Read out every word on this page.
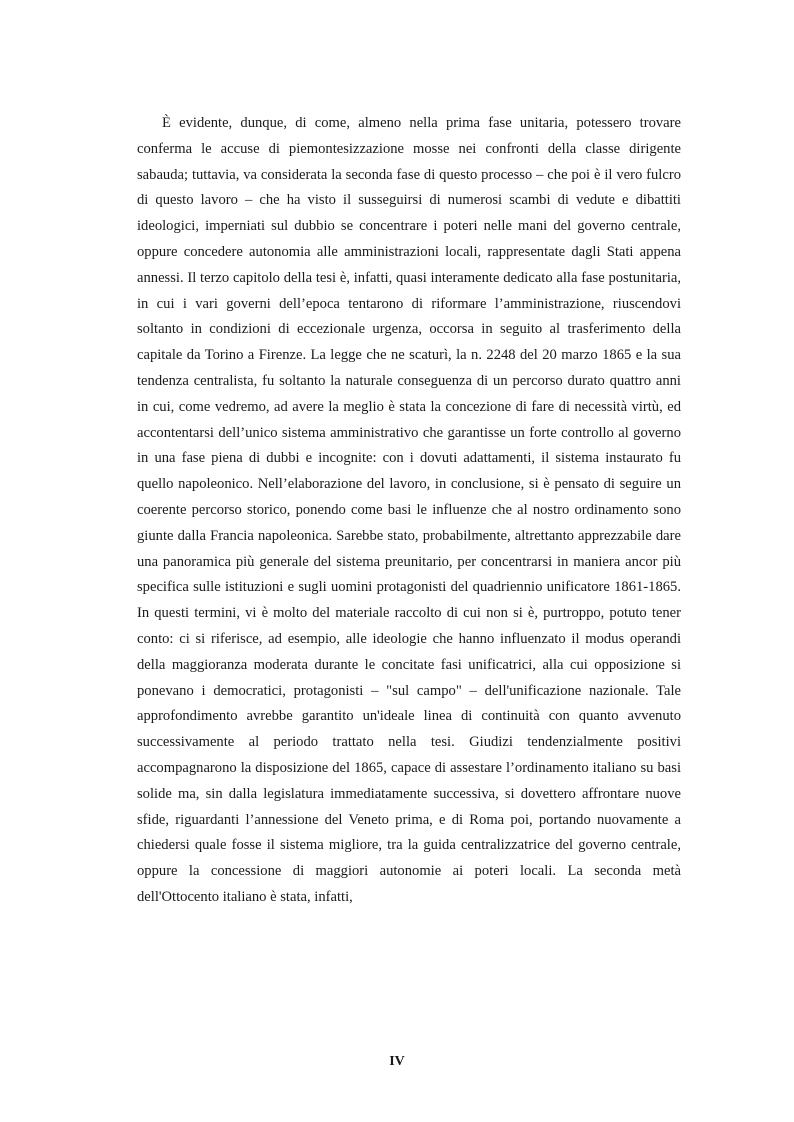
È evidente, dunque, di come, almeno nella prima fase unitaria, potessero trovare conferma le accuse di piemontesizzazione mosse nei confronti della classe dirigente sabauda; tuttavia, va considerata la seconda fase di questo processo – che poi è il vero fulcro di questo lavoro – che ha visto il susseguirsi di numerosi scambi di vedute e dibattiti ideologici, imperniati sul dubbio se concentrare i poteri nelle mani del governo centrale, oppure concedere autonomia alle amministrazioni locali, rappresentate dagli Stati appena annessi. Il terzo capitolo della tesi è, infatti, quasi interamente dedicato alla fase postunitaria, in cui i vari governi dell’epoca tentarono di riformare l’amministrazione, riuscendovi soltanto in condizioni di eccezionale urgenza, occorsa in seguito al trasferimento della capitale da Torino a Firenze. La legge che ne scaturì, la n. 2248 del 20 marzo 1865 e la sua tendenza centralista, fu soltanto la naturale conseguenza di un percorso durato quattro anni in cui, come vedremo, ad avere la meglio è stata la concezione di fare di necessità virtù, ed accontentarsi dell’unico sistema amministrativo che garantisse un forte controllo al governo in una fase piena di dubbi e incognite: con i dovuti adattamenti, il sistema instaurato fu quello napoleonico. Nell’elaborazione del lavoro, in conclusione, si è pensato di seguire un coerente percorso storico, ponendo come basi le influenze che al nostro ordinamento sono giunte dalla Francia napoleonica. Sarebbe stato, probabilmente, altrettanto apprezzabile dare una panoramica più generale del sistema preunitario, per concentrarsi in maniera ancor più specifica sulle istituzioni e sugli uomini protagonisti del quadriennio unificatore 1861-1865. In questi termini, vi è molto del materiale raccolto di cui non si è, purtroppo, potuto tener conto: ci si riferisce, ad esempio, alle ideologie che hanno influenzato il modus operandi della maggioranza moderata durante le concitate fasi unificatrici, alla cui opposizione si ponevano i democratici, protagonisti – "sul campo" – dell'unificazione nazionale. Tale approfondimento avrebbe garantito un'ideale linea di continuità con quanto avvenuto successivamente al periodo trattato nella tesi. Giudizi tendenzialmente positivi accompagnarono la disposizione del 1865, capace di assestare l’ordinamento italiano su basi solide ma, sin dalla legislatura immediatamente successiva, si dovettero affrontare nuove sfide, riguardanti l’annessione del Veneto prima, e di Roma poi, portando nuovamente a chiedersi quale fosse il sistema migliore, tra la guida centralizzatrice del governo centrale, oppure la concessione di maggiori autonomie ai poteri locali. La seconda metà dell'Ottocento italiano è stata, infatti,

IV
